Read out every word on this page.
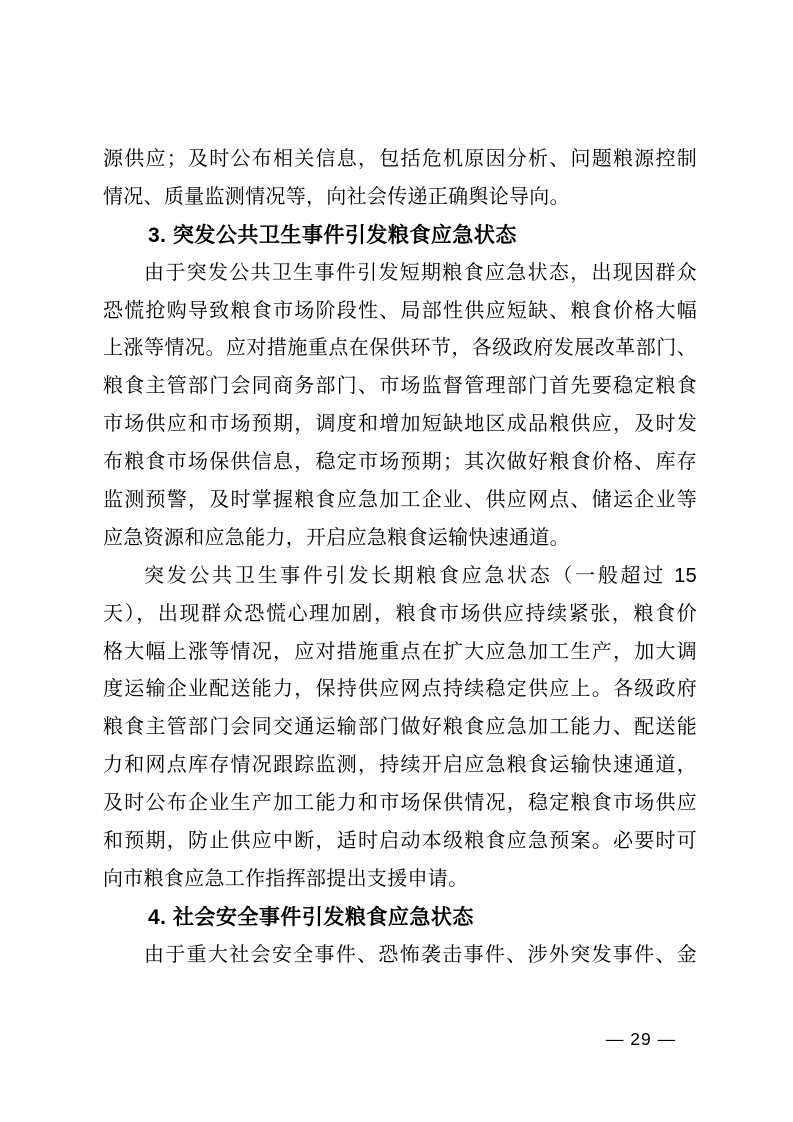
源供应；及时公布相关信息，包括危机原因分析、问题粮源控制
情况、质量监测情况等，向社会传递正确舆论导向。
3. 突发公共卫生事件引发粮食应急状态
由于突发公共卫生事件引发短期粮食应急状态，出现因群众
恐慌抢购导致粮食市场阶段性、局部性供应短缺、粮食价格大幅
上涨等情况。应对措施重点在保供环节，各级政府发展改革部门、
粮食主管部门会同商务部门、市场监督管理部门首先要稳定粮食
市场供应和市场预期，调度和增加短缺地区成品粮供应，及时发
布粮食市场保供信息，稳定市场预期；其次做好粮食价格、库存
监测预警，及时掌握粮食应急加工企业、供应网点、储运企业等
应急资源和应急能力，开启应急粮食运输快速通道。
突发公共卫生事件引发长期粮食应急状态（一般超过 15
天），出现群众恐慌心理加剧，粮食市场供应持续紧张，粮食价
格大幅上涨等情况，应对措施重点在扩大应急加工生产，加大调
度运输企业配送能力，保持供应网点持续稳定供应上。各级政府
粮食主管部门会同交通运输部门做好粮食应急加工能力、配送能
力和网点库存情况跟踪监测，持续开启应急粮食运输快速通道，
及时公布企业生产加工能力和市场保供情况，稳定粮食市场供应
和预期，防止供应中断，适时启动本级粮食应急预案。必要时可
向市粮食应急工作指挥部提出支援申请。
4. 社会安全事件引发粮食应急状态
由于重大社会安全事件、恐怖袭击事件、涉外突发事件、金
— 29 —
